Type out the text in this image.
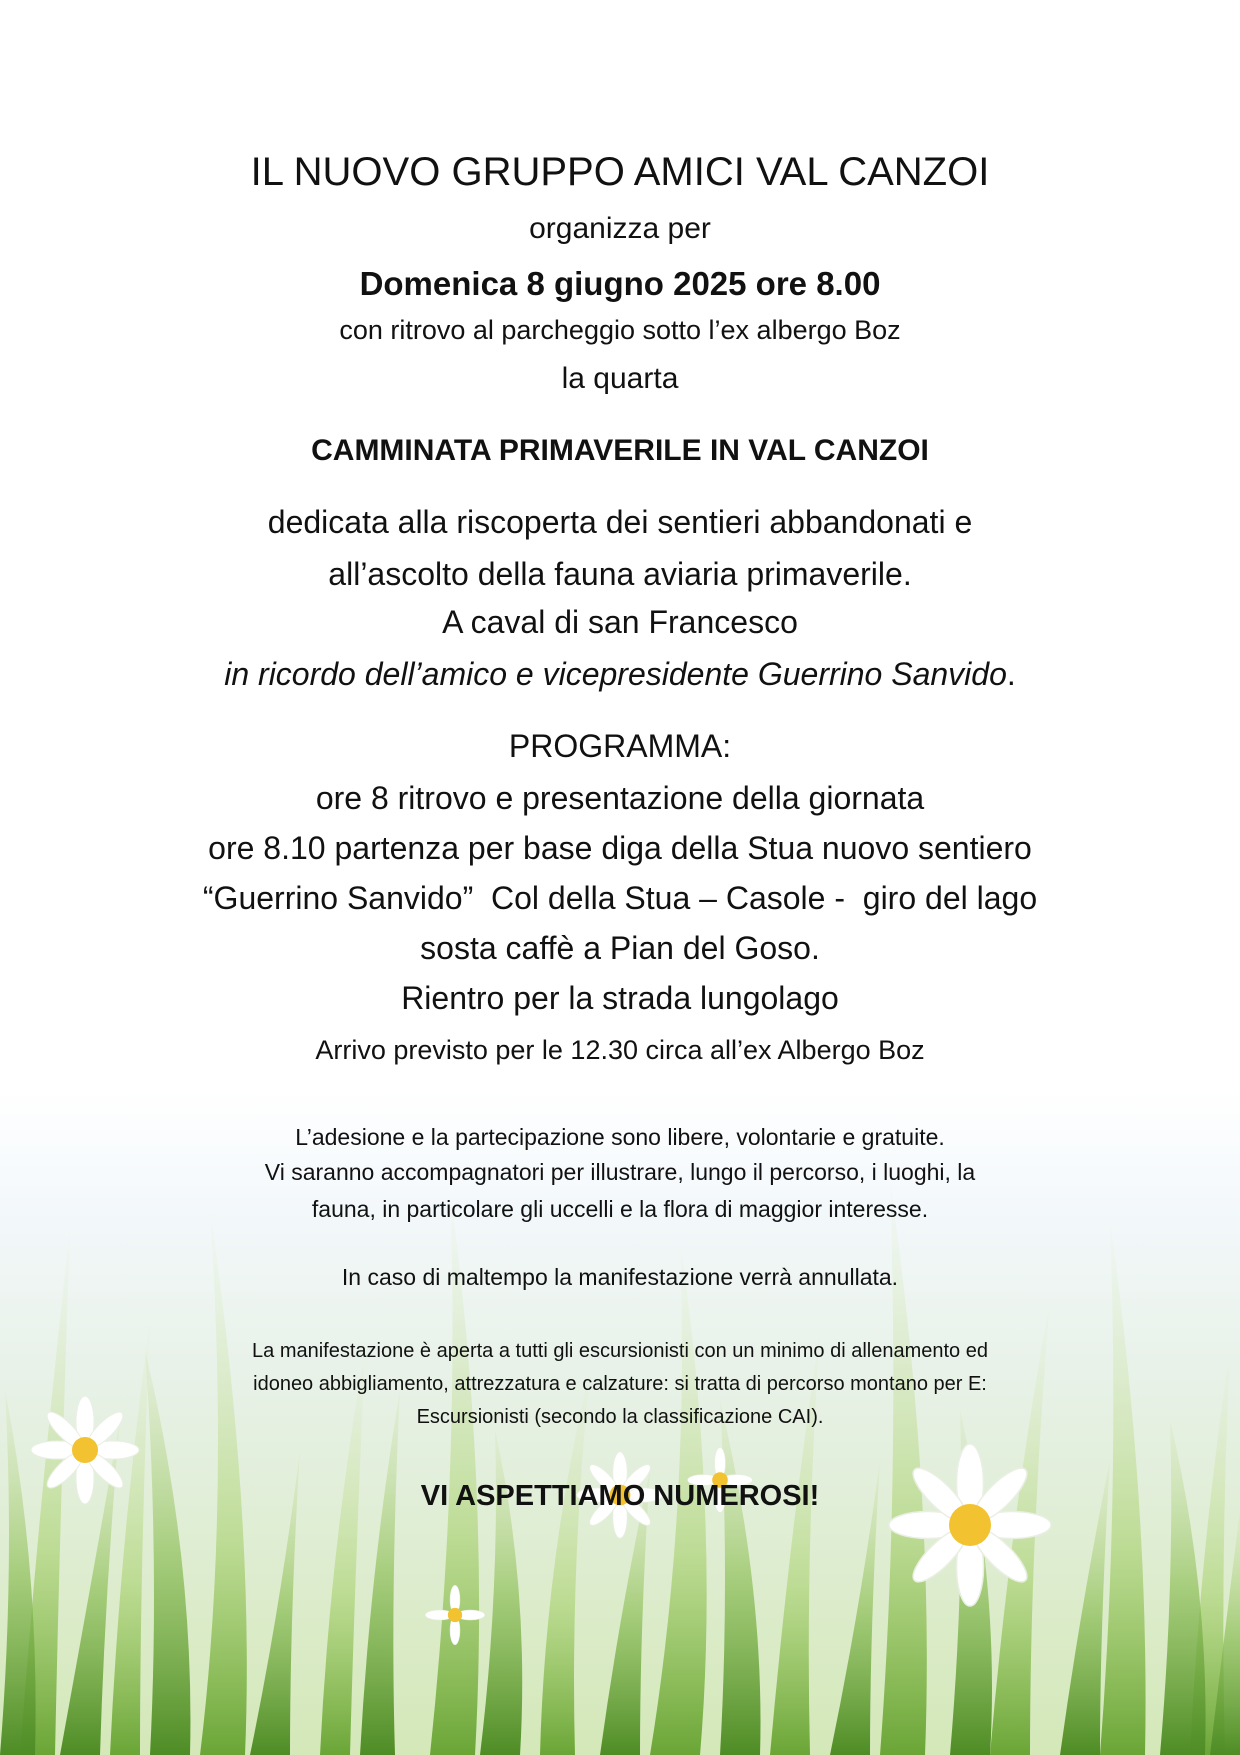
IL NUOVO GRUPPO AMICI VAL CANZOI
organizza per
Domenica 8 giugno 2025 ore 8.00
con ritrovo al parcheggio sotto l’ex albergo Boz
la quarta
CAMMINATA PRIMAVERILE IN VAL CANZOI
dedicata alla riscoperta dei sentieri abbandonati e
all’ascolto della fauna aviaria primaverile.
A caval di san Francesco
in ricordo dell’amico e vicepresidente Guerrino Sanvido.
PROGRAMMA:
ore 8 ritrovo e presentazione della giornata
ore 8.10 partenza per base diga della Stua nuovo sentiero
“Guerrino Sanvido”  Col della Stua – Casole -  giro del lago
sosta caffè a Pian del Goso.
Rientro per la strada lungolago
Arrivo previsto per le 12.30 circa all’ex Albergo Boz
L’adesione e la partecipazione sono libere, volontarie e gratuite.
Vi saranno accompagnatori per illustrare, lungo il percorso, i luoghi, la
fauna, in particolare gli uccelli e la flora di maggior interesse.
In caso di maltempo la manifestazione verrà annullata.
La manifestazione è aperta a tutti gli escursionisti con un minimo di allenamento ed
idoneo abbigliamento, attrezzatura e calzature: si tratta di percorso montano per E:
Escursionisti (secondo la classificazione CAI).
VI ASPETTIAMO NUMEROSI!
